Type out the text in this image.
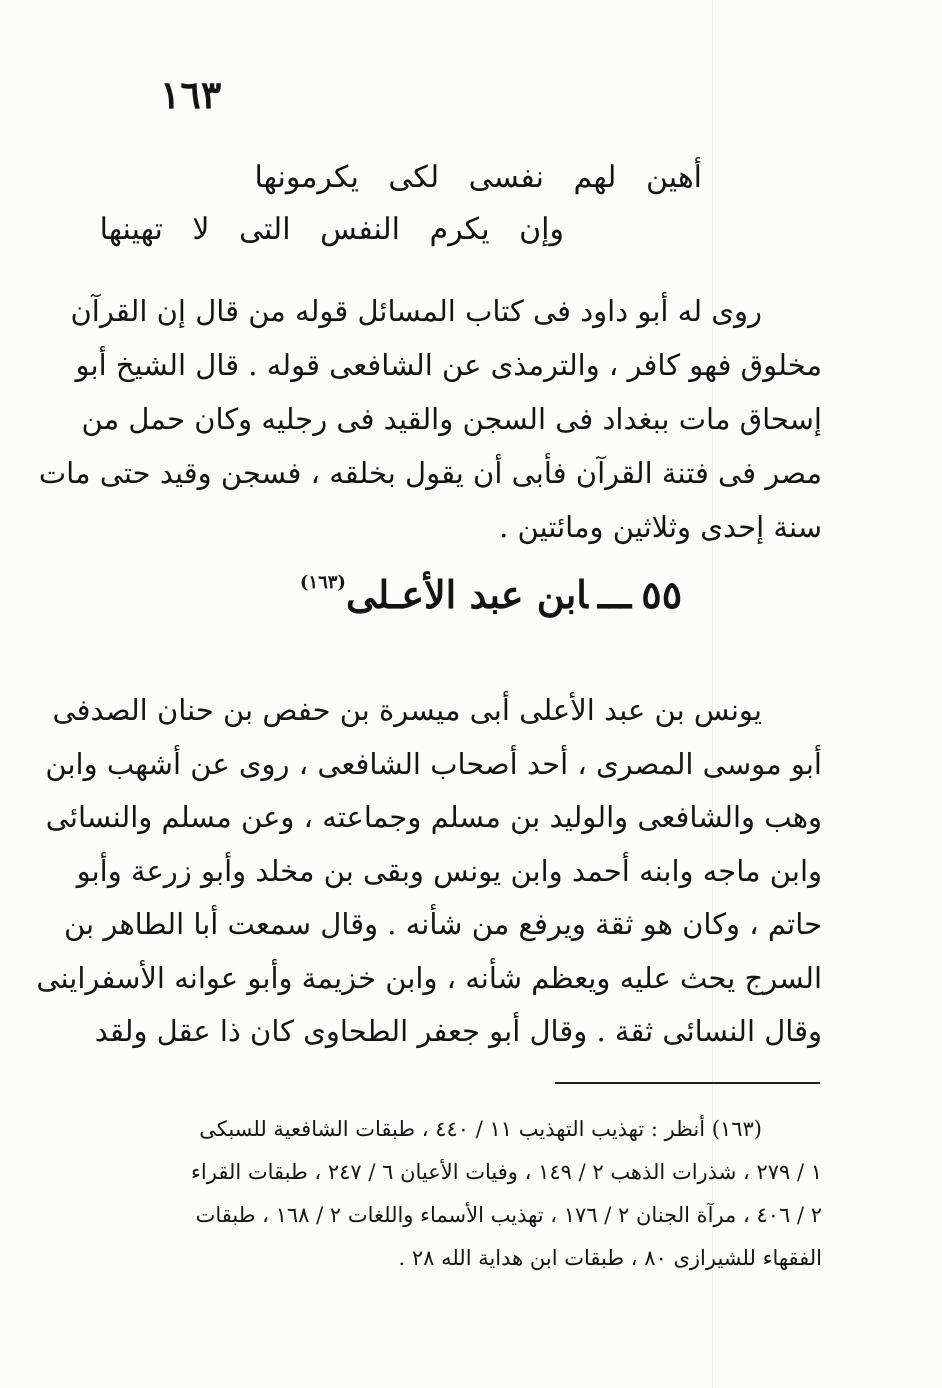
١٦٣
أهين لهم نفسى لكى يكرمونها
وإن يكرم النفس التى لا تهينها
روى له أبو داود فى كتاب المسائل قوله من قال إن القرآن
مخلوق فهو كافر ، والترمذى عن الشافعى قوله . قال الشيخ أبو
إسحاق مات ببغداد فى السجن والقيد فى رجليه وكان حمل من
مصر فى فتنة القرآن فأبى أن يقول بخلقه ، فسجن وقيد حتى مات
سنة إحدى وثلاثين ومائتين .
٥٥ـــابن عبد الأعـلى$^{(١٦٣)}$
يونس بن عبد الأعلى أبى ميسرة بن حفص بن حنان الصدفى
أبو موسى المصرى ، أحد أصحاب الشافعى ، روى عن أشهب وابن
وهب والشافعى والوليد بن مسلم وجماعته ، وعن مسلم والنسائى
وابن ماجه وابنه أحمد وابن يونس وبقى بن مخلد وأبو زرعة وأبو
حاتم ، وكان هو ثقة ويرفع من شأنه . وقال سمعت أبا الطاهر بن
السرج يحث عليه ويعظم شأنه ، وابن خزيمة وأبو عوانه الأسفراينى
وقال النسائى ثقة . وقال أبو جعفر الطحاوى كان ذا عقل ولقد
(١٦٣) أنظر : تهذيب التهذيب ١١ / ٤٤٠ ، طبقات الشافعية للسبكى
١ / ٢٧٩ ، شذرات الذهب ٢ / ١٤٩ ، وفيات الأعيان ٦ / ٢٤٧ ، طبقات القراء
٢ / ٤٠٦ ، مرآة الجنان ٢ / ١٧٦ ، تهذيب الأسماء واللغات ٢ / ١٦٨ ، طبقات
الفقهاء للشيرازى ٨٠ ، طبقات ابن هداية الله ٢٨ .
